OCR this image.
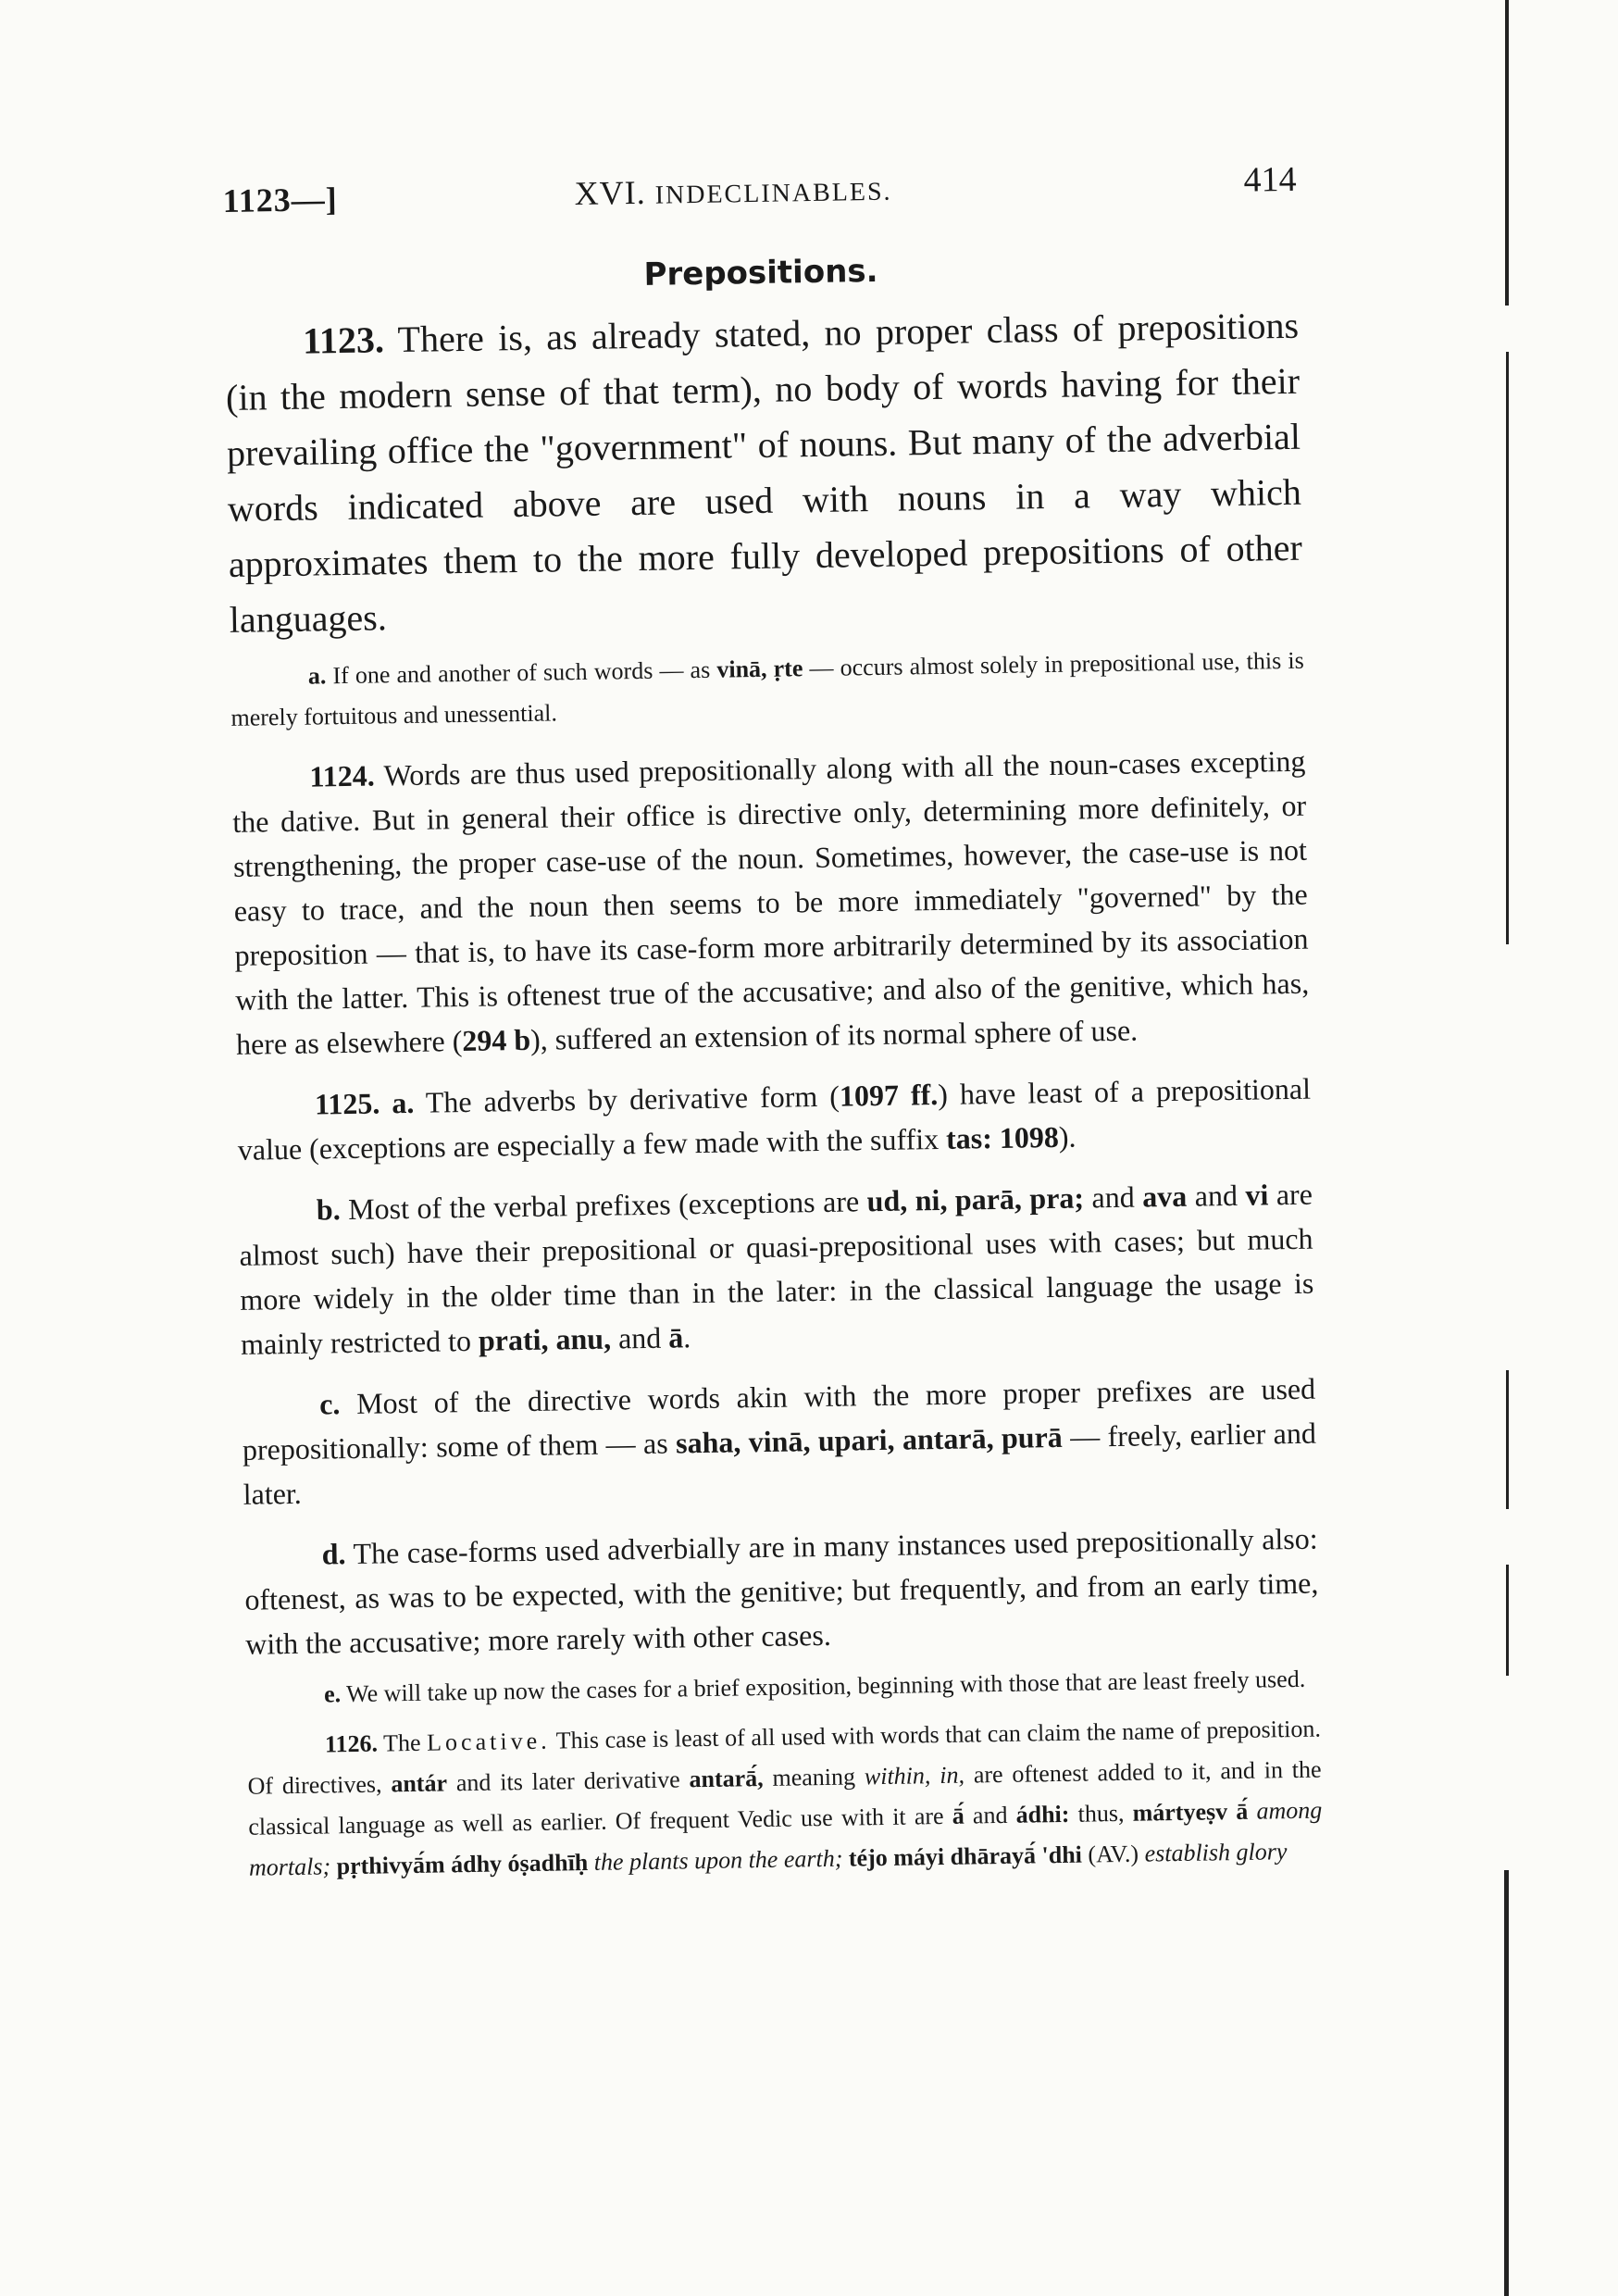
1123—]	XVI. INDECLINABLES.	414
Prepositions.

1123. There is, as already stated, no proper class of prepositions (in the modern sense of that term), no body of words having for their prevailing office the "government" of nouns. But many of the adverbial words indicated above are used with nouns in a way which approximates them to the more fully developed prepositions of other languages.

a. If one and another of such words — as vinā, ṛte — occurs almost solely in prepositional use, this is merely fortuitous and unessential.

1124. Words are thus used prepositionally along with all the noun-cases excepting the dative. But in general their office is directive only, determining more definitely, or strengthening, the proper case-use of the noun. Sometimes, however, the case-use is not easy to trace, and the noun then seems to be more immediately "governed" by the preposition — that is, to have its case-form more arbitrarily determined by its association with the latter. This is oftenest true of the accusative; and also of the genitive, which has, here as elsewhere (294 b), suffered an extension of its normal sphere of use.

1125. a. The adverbs by derivative form (1097 ff.) have least of a prepositional value (exceptions are especially a few made with the suffix tas: 1098).

b. Most of the verbal prefixes (exceptions are ud, ni, parā, pra; and ava and vi are almost such) have their prepositional or quasi-prepositional uses with cases; but much more widely in the older time than in the later: in the classical language the usage is mainly restricted to prati, anu, and ā.

c. Most of the directive words akin with the more proper prefixes are used prepositionally: some of them — as saha, vinā, upari, antarā, purā — freely, earlier and later.

d. The case-forms used adverbially are in many instances used prepositionally also: oftenest, as was to be expected, with the genitive; but frequently, and from an early time, with the accusative; more rarely with other cases.

e. We will take up now the cases for a brief exposition, beginning with those that are least freely used.

1126. The Locative. This case is least of all used with words that can claim the name of preposition. Of directives, antár and its later derivative antarā́, meaning within, in, are oftenest added to it, and in the classical language as well as earlier. Of frequent Vedic use with it are ā́ and ádhi: thus, mártyeṣv ā́ among mortals; pṛthivyā́m ádhy óṣadhīḥ the plants upon the earth; téjo máyi dhārayā́ 'dhi (AV.) establish glory
